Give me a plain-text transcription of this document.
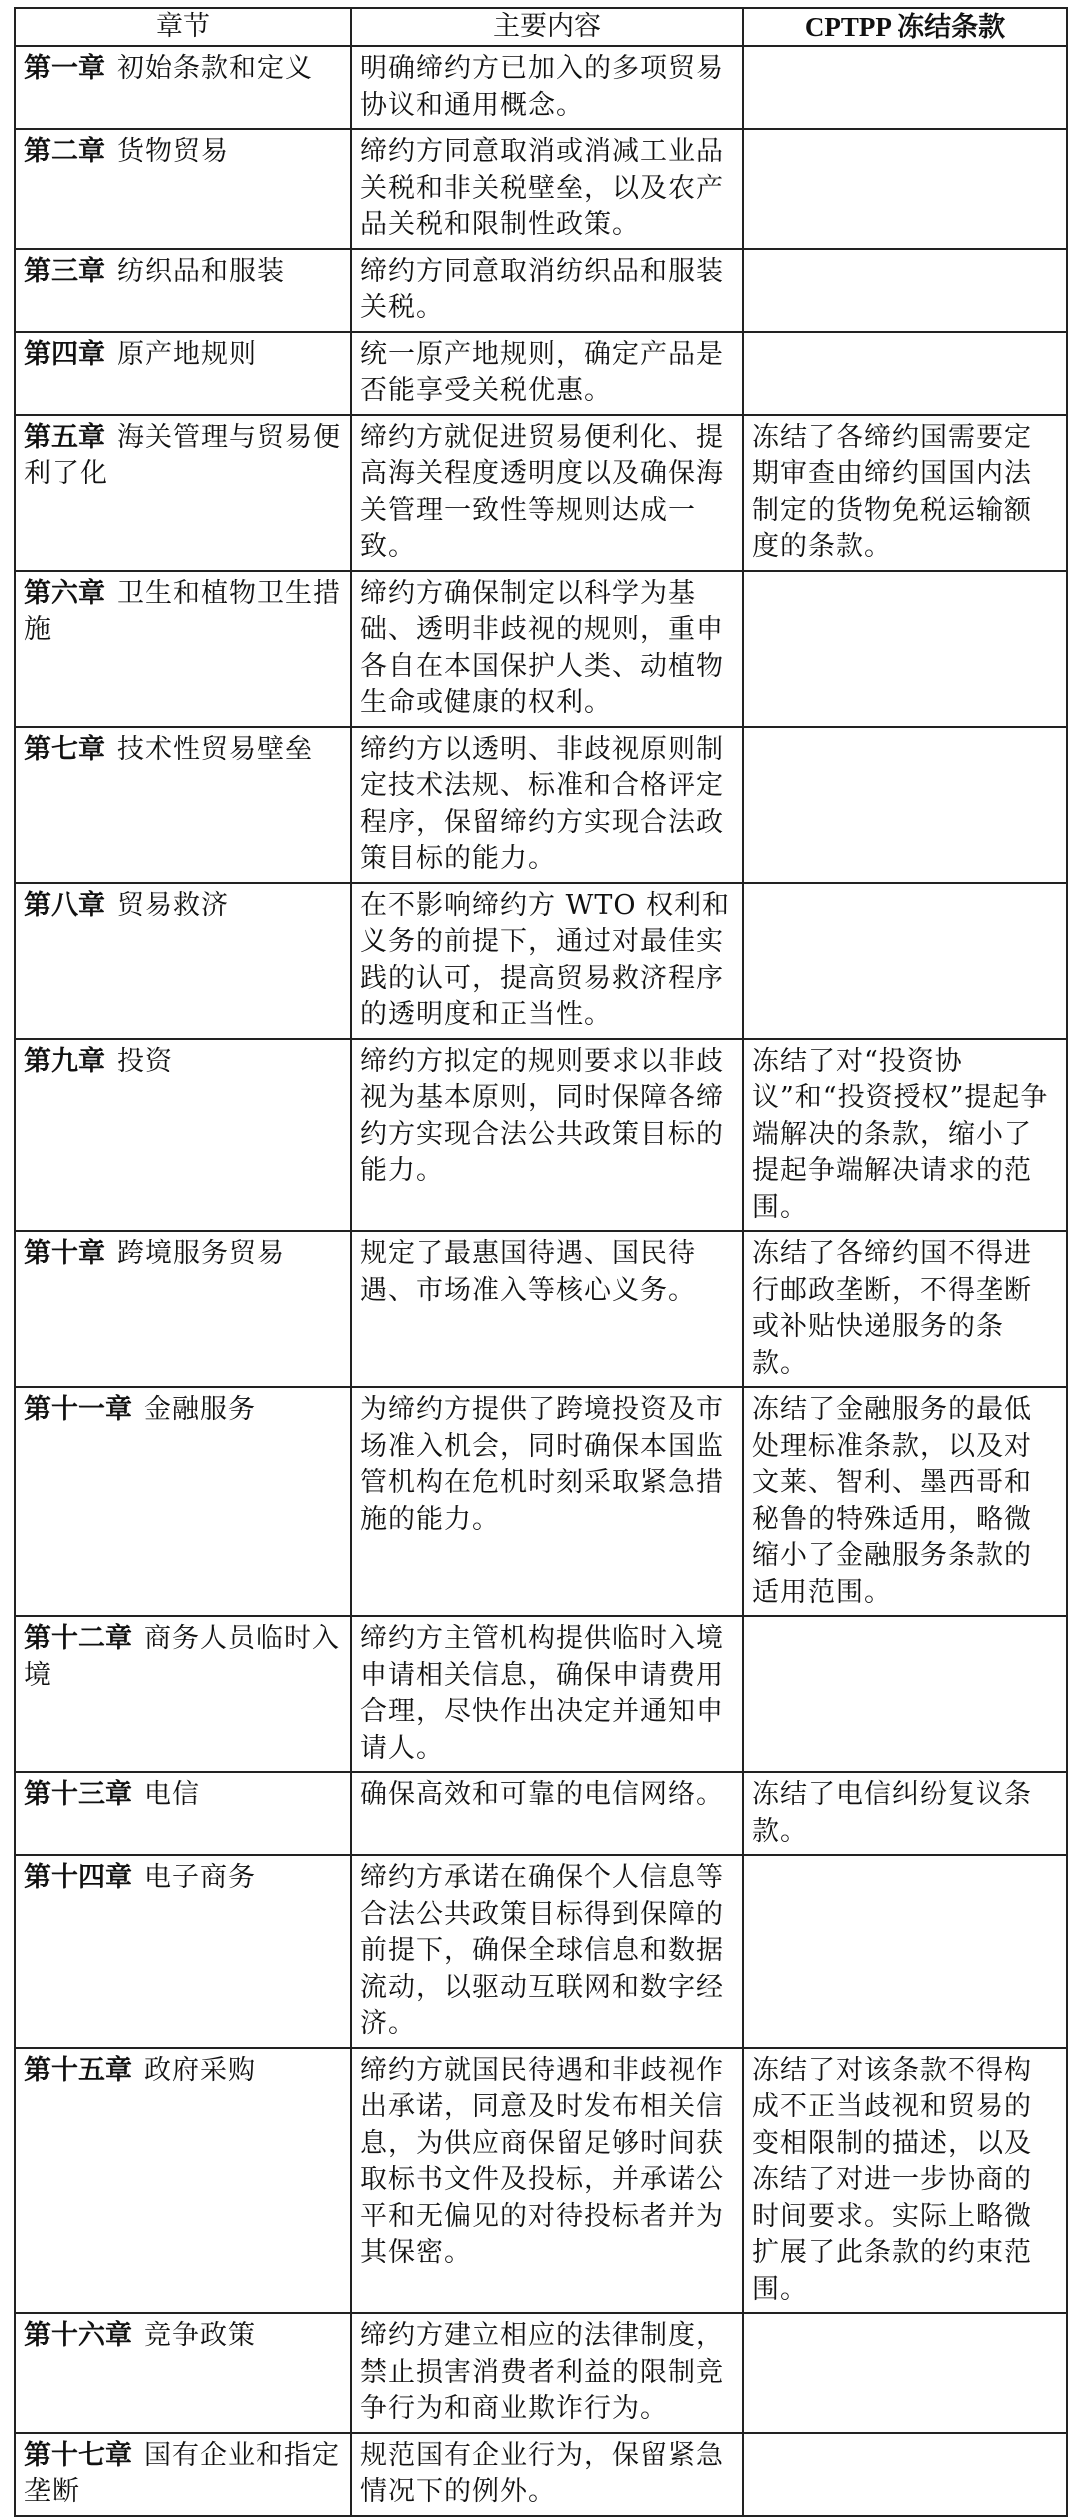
章节	主要内容	CPTPP 冻结条款
第一章 初始条款和定义	明确缔约方已加入的多项贸易协议和通用概念。	
第二章 货物贸易	缔约方同意取消或消减工业品关税和非关税壁垒，以及农产品关税和限制性政策。	
第三章 纺织品和服装	缔约方同意取消纺织品和服装关税。	
第四章 原产地规则	统一原产地规则，确定产品是否能享受关税优惠。	
第五章 海关管理与贸易便利了化	缔约方就促进贸易便利化、提高海关程度透明度以及确保海关管理一致性等规则达成一致。	冻结了各缔约国需要定期审查由缔约国国内法制定的货物免税运输额度的条款。
第六章 卫生和植物卫生措施	缔约方确保制定以科学为基础、透明非歧视的规则，重申各自在本国保护人类、动植物生命或健康的权利。	
第七章 技术性贸易壁垒	缔约方以透明、非歧视原则制定技术法规、标准和合格评定程序，保留缔约方实现合法政策目标的能力。	
第八章 贸易救济	在不影响缔约方 WTO 权利和义务的前提下，通过对最佳实践的认可，提高贸易救济程序的透明度和正当性。	
第九章 投资	缔约方拟定的规则要求以非歧视为基本原则，同时保障各缔约方实现合法公共政策目标的能力。	冻结了对“投资协议”和“投资授权”提起争端解决的条款，缩小了提起争端解决请求的范围。
第十章 跨境服务贸易	规定了最惠国待遇、国民待遇、市场准入等核心义务。	冻结了各缔约国不得进行邮政垄断，不得垄断或补贴快递服务的条款。
第十一章 金融服务	为缔约方提供了跨境投资及市场准入机会，同时确保本国监管机构在危机时刻采取紧急措施的能力。	冻结了金融服务的最低处理标准条款，以及对文莱、智利、墨西哥和秘鲁的特殊适用，略微缩小了金融服务条款的适用范围。
第十二章 商务人员临时入境	缔约方主管机构提供临时入境申请相关信息，确保申请费用合理，尽快作出决定并通知申请人。	
第十三章 电信	确保高效和可靠的电信网络。	冻结了电信纠纷复议条款。
第十四章 电子商务	缔约方承诺在确保个人信息等合法公共政策目标得到保障的前提下，确保全球信息和数据流动，以驱动互联网和数字经济。	
第十五章 政府采购	缔约方就国民待遇和非歧视作出承诺，同意及时发布相关信息，为供应商保留足够时间获取标书文件及投标，并承诺公平和无偏见的对待投标者并为其保密。	冻结了对该条款不得构成不正当歧视和贸易的变相限制的描述，以及冻结了对进一步协商的时间要求。实际上略微扩展了此条款的约束范围。
第十六章 竞争政策	缔约方建立相应的法律制度，禁止损害消费者利益的限制竞争行为和商业欺诈行为。	
第十七章 国有企业和指定垄断	规范国有企业行为，保留紧急情况下的例外。	
